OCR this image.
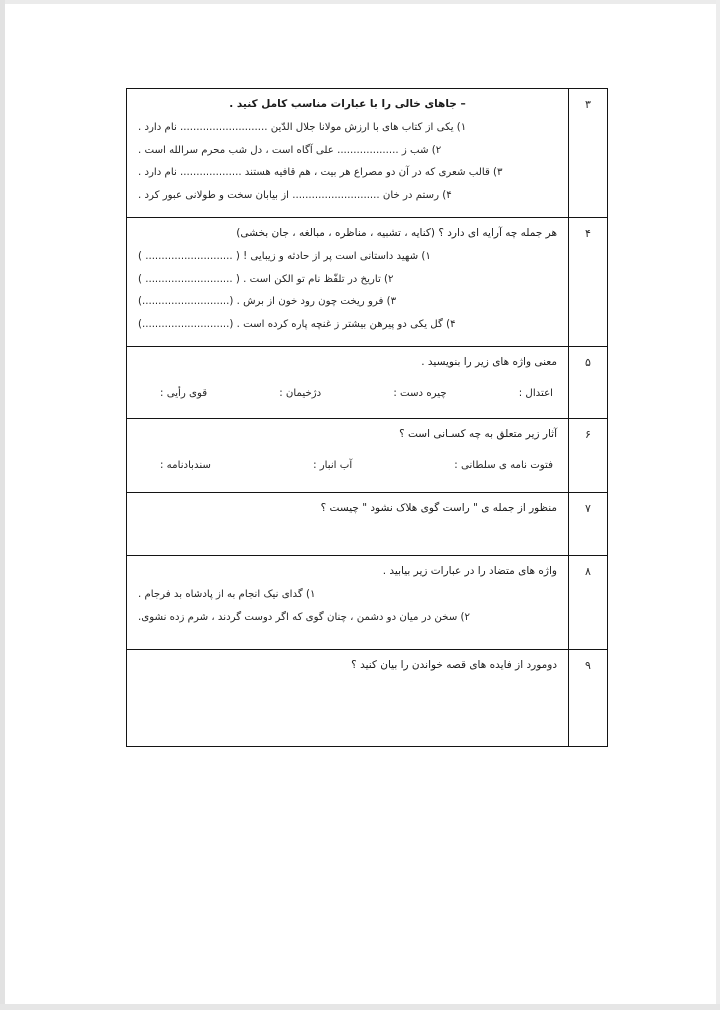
۳	– جاهای خالی را با عبارات مناسب کامل کنید .

۱) یکی از کتاب های با ارزش مولانا جلال الدّین ........................... نام دارد .

۲) شب ز ................... علی آگاه است ، دل شب محرم سرالله است .

۳) قالب شعری که در آن دو مصراع هر بیت ، هم قافیه هستند ................... نام دارد .

۴) رستم در خان ........................... از بیابان سخت و طولانی عبور کرد .

۴	هر جمله چه آرایه ای دارد ؟ (کنایه ، تشبیه ، مناظره ، مبالغه ، جان بخشی)

۱) شهید داستانی است پر از حادثه و زیبایی ! ( ........................... )

۲) تاریخ در تلفّظ نام تو الکن است . ( ........................... )

۳) فرو ریخت چون رود خون از برش . (...........................)

۴) گل یکی دو پیرهن بیشتر ز غنچه پاره کرده است . (...........................)

۵	معنی واژه های زیر را بنویسید .

اعتدال :
چیره دست :
دژخیمان :
قوی رأیی :

۶	آثار زیر متعلق به چه کسـانی است ؟

فتوت نامه ی سلطانی :
آب انبار :
سندبادنامه :

۷	منظور از جمله ی " راست گوی هلاک نشود " چیست ؟

۸	واژه های متضاد را در عبارات زیر بیابید .

۱) گدای نیک انجام به از پادشاه بد فرجام .

۲) سخن در میان دو دشمن ، چنان گوی که اگر دوست گردند ، شرم زده نشوی.

۹	دومورد از فایده های قصه خواندن را بیان کنید ؟
